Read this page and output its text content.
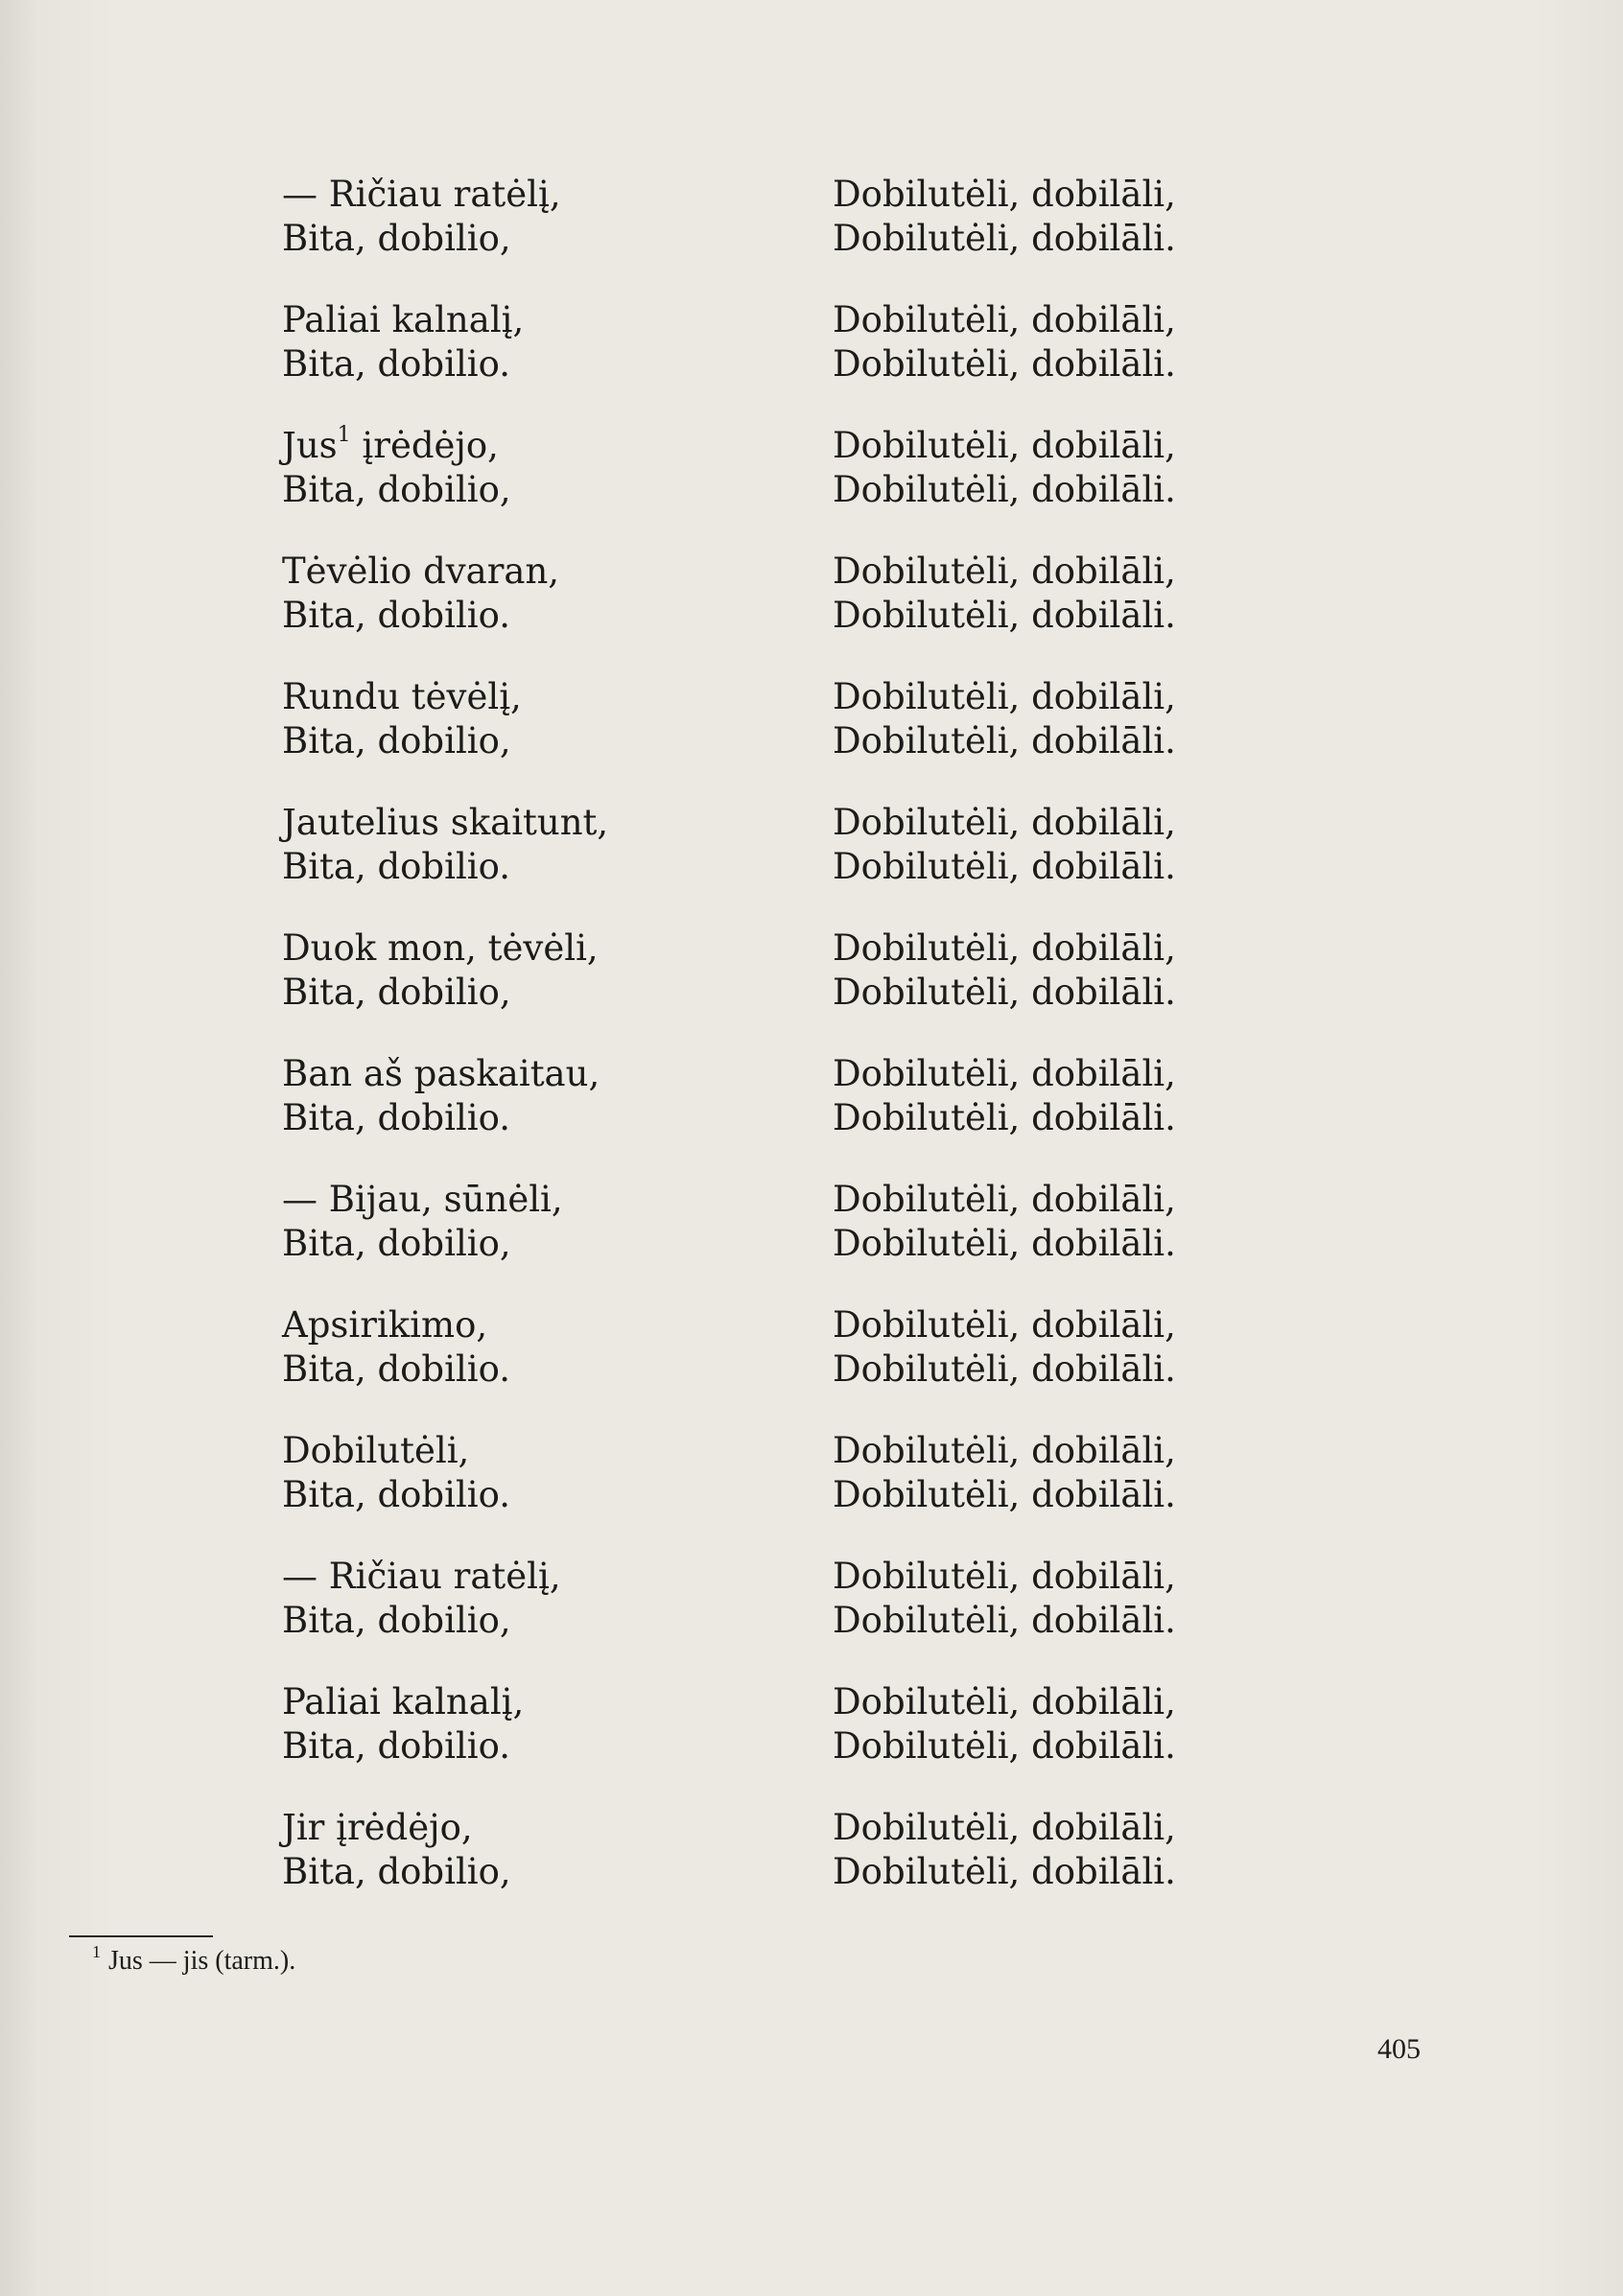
— Ričiau ratėlį,
Bita, dobilio,
Paliai kalnalį,
Bita, dobilio.
Jus$^1$ įrėdėjo,
Bita, dobilio,
Tėvėlio dvaran,
Bita, dobilio.
Rundu tėvėlį,
Bita, dobilio,
Jautelius skaitunt,
Bita, dobilio.
Duok mon, tėvėli,
Bita, dobilio,
Ban aš paskaitau,
Bita, dobilio.
— Bijau, sūnėli,
Bita, dobilio,
Apsirikimo,
Bita, dobilio.
Dobilutėli,
Bita, dobilio.
— Ričiau ratėlį,
Bita, dobilio,
Paliai kalnalį,
Bita, dobilio.
Jir įrėdėjo,
Bita, dobilio,
Dobilutėli, dobilāli,
Dobilutėli, dobilāli.
Dobilutėli, dobilāli,
Dobilutėli, dobilāli.
Dobilutėli, dobilāli,
Dobilutėli, dobilāli.
Dobilutėli, dobilāli,
Dobilutėli, dobilāli.
Dobilutėli, dobilāli,
Dobilutėli, dobilāli.
Dobilutėli, dobilāli,
Dobilutėli, dobilāli.
Dobilutėli, dobilāli,
Dobilutėli, dobilāli.
Dobilutėli, dobilāli,
Dobilutėli, dobilāli.
Dobilutėli, dobilāli,
Dobilutėli, dobilāli.
Dobilutėli, dobilāli,
Dobilutėli, dobilāli.
Dobilutėli, dobilāli,
Dobilutėli, dobilāli.
Dobilutėli, dobilāli,
Dobilutėli, dobilāli.
Dobilutėli, dobilāli,
Dobilutėli, dobilāli.
Dobilutėli, dobilāli,
Dobilutėli, dobilāli.
$^1$ Jus — jis (tarm.).
405
